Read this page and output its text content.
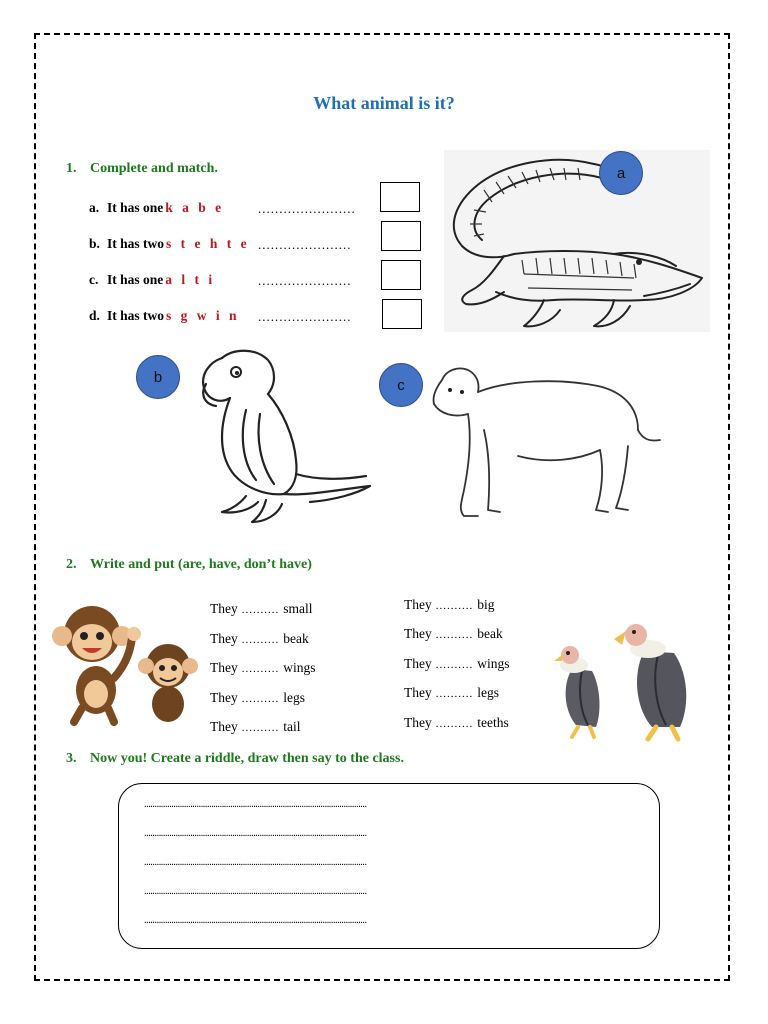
What animal is it?
1. Complete and match.
a. It has one k a b e	.......................
b. It has two s t e h t e ......................
c. It has one a l t i	......................
d. It has two s g w i n ......................
a
b	c
2. Write and put (are, have, don’t have)
They .......... small
They .......... beak
They .......... wings
They .......... legs
They .......... tail
They .......... big
They .......... beak
They .......... wings
They .......... legs
They .......... teeths
3. Now you! Create a riddle, draw then say to the class.
..........................................................................................................
..........................................................................................................
..........................................................................................................
..........................................................................................................
..........................................................................................................
